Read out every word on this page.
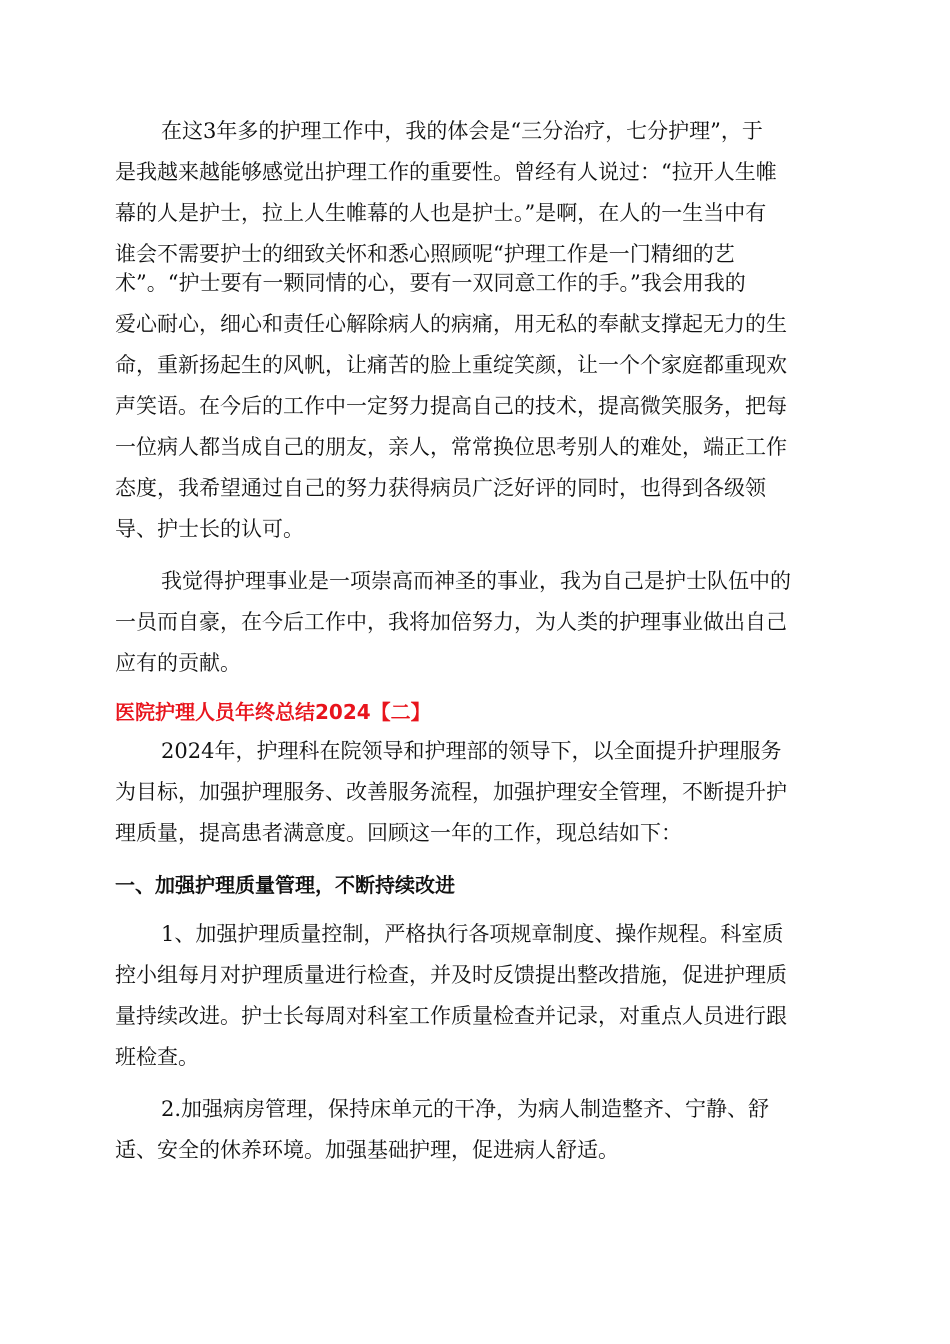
在这3年多的护理工作中，我的体会是“三分治疗，七分护理”，于
是我越来越能够感觉出护理工作的重要性。曾经有人说过：“拉开人生帷
幕的人是护士，拉上人生帷幕的人也是护士。”是啊，在人的一生当中有
谁会不需要护士的细致关怀和悉心照顾呢“护理工作是一门精细的艺
术”。“护士要有一颗同情的心，要有一双同意工作的手。”我会用我的
爱心耐心，细心和责任心解除病人的病痛，用无私的奉献支撑起无力的生
命，重新扬起生的风帆，让痛苦的脸上重绽笑颜，让一个个家庭都重现欢
声笑语。在今后的工作中一定努力提高自己的技术，提高微笑服务，把每
一位病人都当成自己的朋友，亲人，常常换位思考别人的难处，端正工作
态度，我希望通过自己的努力获得病员广泛好评的同时，也得到各级领
导、护士长的认可。
我觉得护理事业是一项崇高而神圣的事业，我为自己是护士队伍中的
一员而自豪，在今后工作中，我将加倍努力，为人类的护理事业做出自己
应有的贡献。
医院护理人员年终总结2024【二】
2024年，护理科在院领导和护理部的领导下，以全面提升护理服务
为目标，加强护理服务、改善服务流程，加强护理安全管理，不断提升护
理质量，提高患者满意度。回顾这一年的工作，现总结如下：
一、加强护理质量管理，不断持续改进
1、加强护理质量控制，严格执行各项规章制度、操作规程。科室质
控小组每月对护理质量进行检查，并及时反馈提出整改措施，促进护理质
量持续改进。护士长每周对科室工作质量检查并记录，对重点人员进行跟
班检查。
2.加强病房管理，保持床单元的干净，为病人制造整齐、宁静、舒
适、安全的休养环境。加强基础护理，促进病人舒适。
